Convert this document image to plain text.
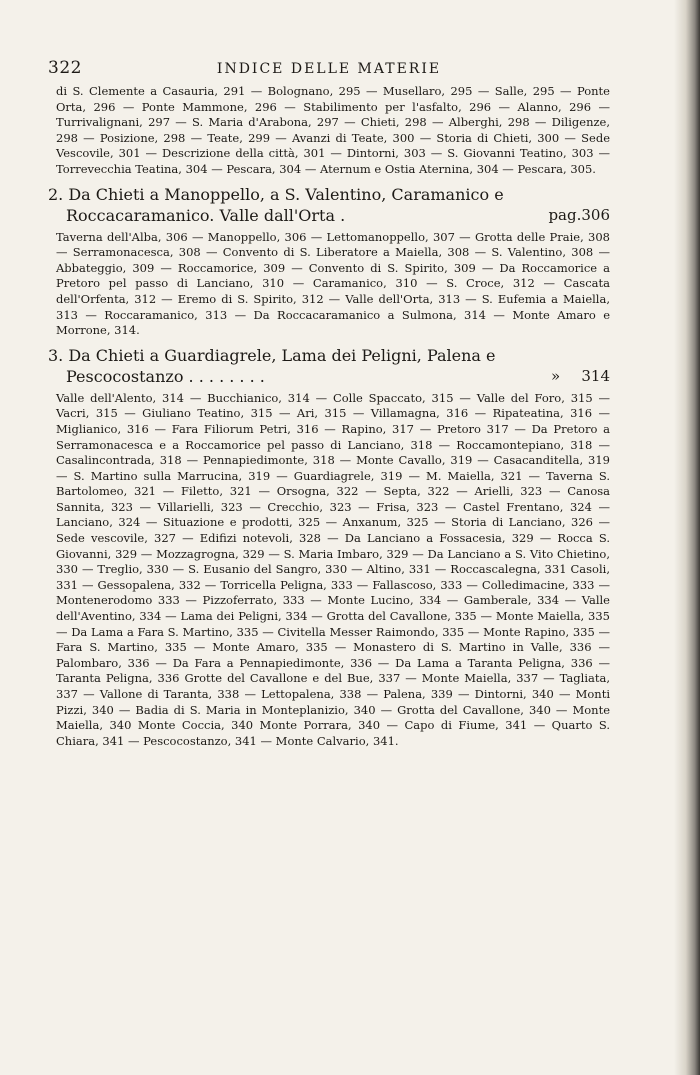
322	INDICE DELLE MATERIE

di S. Clemente a Casauria, 291 — Bolognano, 295 — Musellaro, 295 — Salle, 295 — Ponte Orta, 296 — Ponte Mammone, 296 — Stabilimento per l'asfalto, 296 — Alanno, 296 — Turrivalignani, 297 — S. Maria d'Arabona, 297 — Chieti, 298 — Alberghi, 298 — Diligenze, 298 — Posizione, 298 — Teate, 299 — Avanzi di Teate, 300 — Storia di Chieti, 300 — Sede Vescovile, 301 — Descrizione della città, 301 — Dintorni, 303 — S. Giovanni Teatino, 303 — Torrevecchia Teatina, 304 — Pescara, 304 — Aternum e Ostia Aternina, 304 — Pescara, 305.

2. Da Chieti a Manoppello, a S. Valentino, Caramanico e Roccacaramanico. Valle dall'Orta .	pag. 306

Taverna dell'Alba, 306 — Manoppello, 306 — Lettomanoppello, 307 — Grotta delle Praie, 308 — Serramonacesca, 308 — Convento di S. Liberatore a Maiella, 308 — S. Valentino, 308 — Abbateggio, 309 — Roccamorice, 309 — Convento di S. Spirito, 309 — Da Roccamorice a Pretoro pel passo di Lanciano, 310 — Caramanico, 310 — S. Croce, 312 — Cascata dell'Orfenta, 312 — Eremo di S. Spirito, 312 — Valle dell'Orta, 313 — S. Eufemia a Maiella, 313 — Roccaramanico, 313 — Da Roccacaramanico a Sulmona, 314 — Monte Amaro e Morrone, 314.

3. Da Chieti a Guardiagrele, Lama dei Peligni, Palena e Pescocostanzo . . . . . . . .	» 314

Valle dell'Alento, 314 — Bucchianico, 314 — Colle Spaccato, 315 — Valle del Foro, 315 — Vacri, 315 — Giuliano Teatino, 315 — Ari, 315 — Villamagna, 316 — Ripateatina, 316 — Miglianico, 316 — Fara Filiorum Petri, 316 — Rapino, 317 — Pretoro 317 — Da Pretoro a Serramonacesca e a Roccamorice pel passo di Lanciano, 318 — Roccamontepiano, 318 — Casalincontrada, 318 — Pennapiedimonte, 318 — Monte Cavallo, 319 — Casacanditella, 319 — S. Martino sulla Marrucina, 319 — Guardiagrele, 319 — M. Maiella, 321 — Taverna S. Bartolomeo, 321 — Filetto, 321 — Orsogna, 322 — Septa, 322 — Arielli, 323 — Canosa Sannita, 323 — Villarielli, 323 — Crecchio, 323 — Frisa, 323 — Castel Frentano, 324 — Lanciano, 324 — Situazione e prodotti, 325 — Anxanum, 325 — Storia di Lanciano, 326 — Sede vescovile, 327 — Edifizi notevoli, 328 — Da Lanciano a Fossacesia, 329 — Rocca S. Giovanni, 329 — Mozzagrogna, 329 — S. Maria Imbaro, 329 — Da Lanciano a S. Vito Chietino, 330 — Treglio, 330 — S. Eusanio del Sangro, 330 — Altino, 331 — Roccascalegna, 331 Casoli, 331 — Gessopalena, 332 — Torricella Peligna, 333 — Fallascoso, 333 — Colledimacine, 333 — Montenerodomo 333 — Pizzoferrato, 333 — Monte Lucino, 334 — Gamberale, 334 — Valle dell'Aventino, 334 — Lama dei Peligni, 334 — Grotta del Cavallone, 335 — Monte Maiella, 335 — Da Lama a Fara S. Martino, 335 — Civitella Messer Raimondo, 335 — Monte Rapino, 335 — Fara S. Martino, 335 — Monte Amaro, 335 — Monastero di S. Martino in Valle, 336 — Palombaro, 336 — Da Fara a Pennapiedimonte, 336 — Da Lama a Taranta Peligna, 336 — Taranta Peligna, 336 Grotte del Cavallone e del Bue, 337 — Monte Maiella, 337 — Tagliata, 337 — Vallone di Taranta, 338 — Lettopalena, 338 — Palena, 339 — Dintorni, 340 — Monti Pizzi, 340 — Badia di S. Maria in Monteplanizio, 340 — Grotta del Cavallone, 340 — Monte Maiella, 340 Monte Coccia, 340 Monte Porrara, 340 — Capo di Fiume, 341 — Quarto S. Chiara, 341 — Pescocostanzo, 341 — Monte Calvario, 341.
